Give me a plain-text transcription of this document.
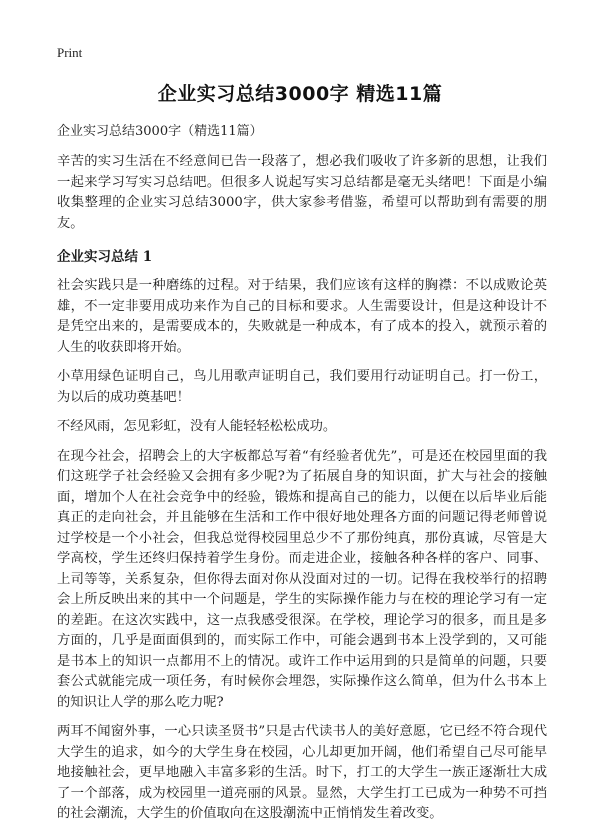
Print
企业实习总结3000字 精选11篇
企业实习总结3000字（精选11篇）

辛苦的实习生活在不经意间已告一段落了，想必我们吸收了许多新的思想，让我们一起来学习写实习总结吧。但很多人说起写实习总结都是毫无头绪吧！下面是小编收集整理的企业实习总结3000字，供大家参考借鉴，希望可以帮助到有需要的朋友。

企业实习总结 1

社会实践只是一种磨练的过程。对于结果，我们应该有这样的胸襟：不以成败论英雄，不一定非要用成功来作为自己的目标和要求。人生需要设计，但是这种设计不是凭空出来的，是需要成本的，失败就是一种成本，有了成本的投入，就预示着的人生的收获即将开始。

小草用绿色证明自己，鸟儿用歌声证明自己，我们要用行动证明自己。打一份工，为以后的成功奠基吧！

不经风雨，怎见彩虹，没有人能轻轻松松成功。

在现今社会，招聘会上的大字板都总写着“有经验者优先”，可是还在校园里面的我们这班学子社会经验又会拥有多少呢?为了拓展自身的知识面，扩大与社会的接触面，增加个人在社会竞争中的经验，锻炼和提高自己的能力，以便在以后毕业后能真正的走向社会，并且能够在生活和工作中很好地处理各方面的问题记得老师曾说过学校是一个小社会，但我总觉得校园里总少不了那份纯真，那份真诚，尽管是大学高校，学生还终归保持着学生身份。而走进企业，接触各种各样的客户、同事、上司等等，关系复杂，但你得去面对你从没面对过的一切。记得在我校举行的招聘会上所反映出来的其中一个问题是，学生的实际操作能力与在校的理论学习有一定的差距。在这次实践中，这一点我感受很深。在学校，理论学习的很多，而且是多方面的，几乎是面面俱到的，而实际工作中，可能会遇到书本上没学到的，又可能是书本上的知识一点都用不上的情况。或许工作中运用到的只是简单的问题，只要套公式就能完成一项任务，有时候你会埋怨，实际操作这么简单，但为什么书本上的知识让人学的那么吃力呢?

两耳不闻窗外事，一心只读圣贤书”只是古代读书人的美好意愿，它已经不符合现代大学生的追求，如今的大学生身在校园，心儿却更加开阔，他们希望自己尽可能早地接触社会，更早地融入丰富多彩的生活。时下，打工的大学生一族正逐渐壮大成了一个部落，成为校园里一道亮丽的风景。显然，大学生打工已成为一种势不可挡的社会潮流，大学生的价值取向在这股潮流中正悄悄发生着改变。
